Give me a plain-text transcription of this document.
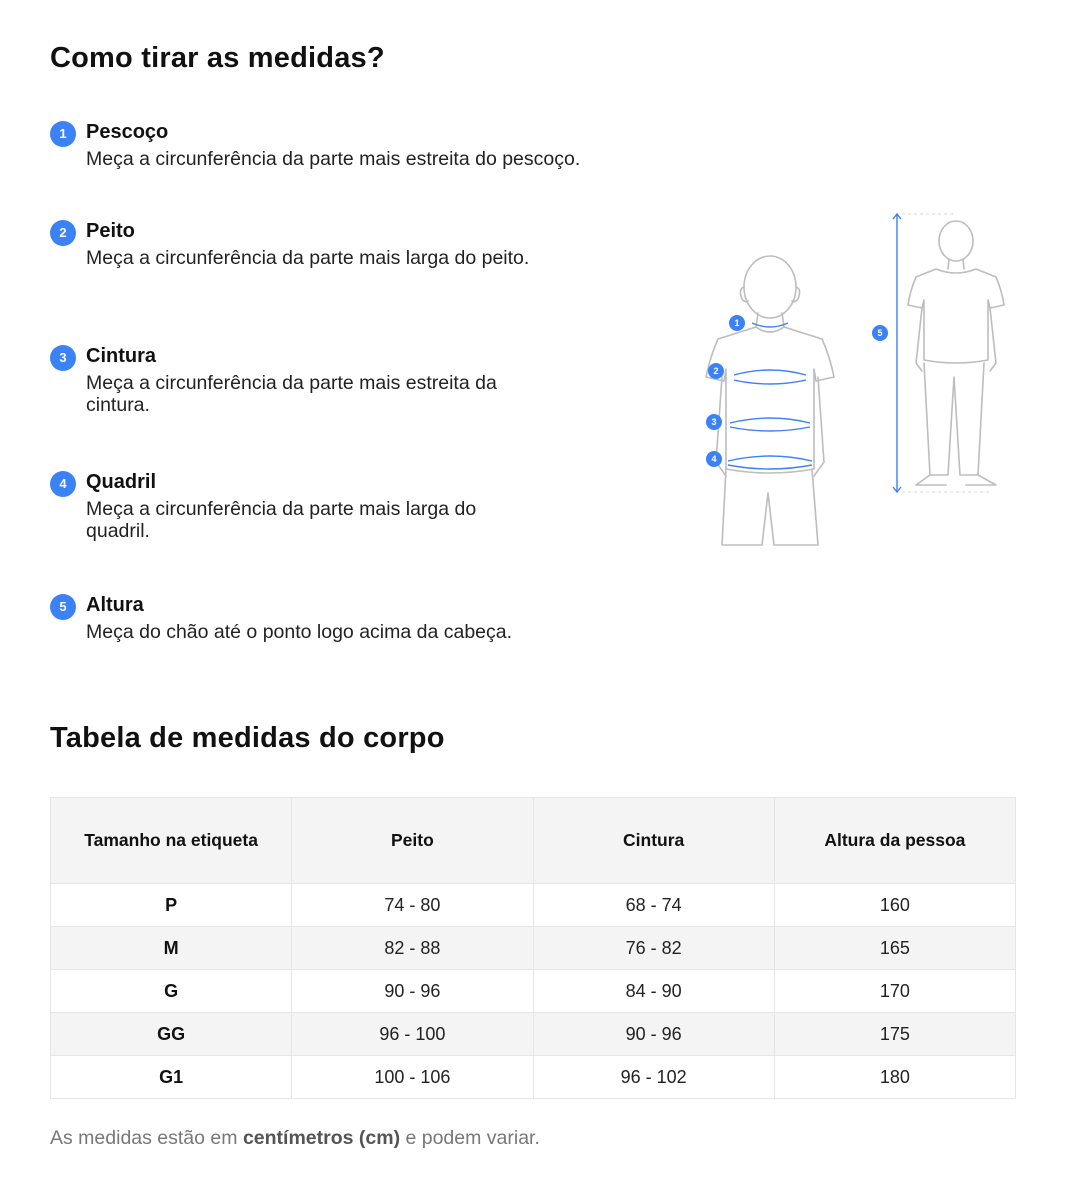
Como tirar as medidas?
1 Pescoço
Meça a circunferência da parte mais estreita do pescoço.
2 Peito
Meça a circunferência da parte mais larga do peito.
3 Cintura
Meça a circunferência da parte mais estreita da cintura.
4 Quadril
Meça a circunferência da parte mais larga do quadril.
5 Altura
Meça do chão até o ponto logo acima da cabeça.
1
2
3
4
5
Tabela de medidas do corpo
Tamanho na etiqueta	Peito	Cintura	Altura da pessoa
P	74 - 80	68 - 74	160
M	82 - 88	76 - 82	165
G	90 - 96	84 - 90	170
GG	96 - 100	90 - 96	175
G1	100 - 106	96 - 102	180
As medidas estão em centímetros (cm) e podem variar.
